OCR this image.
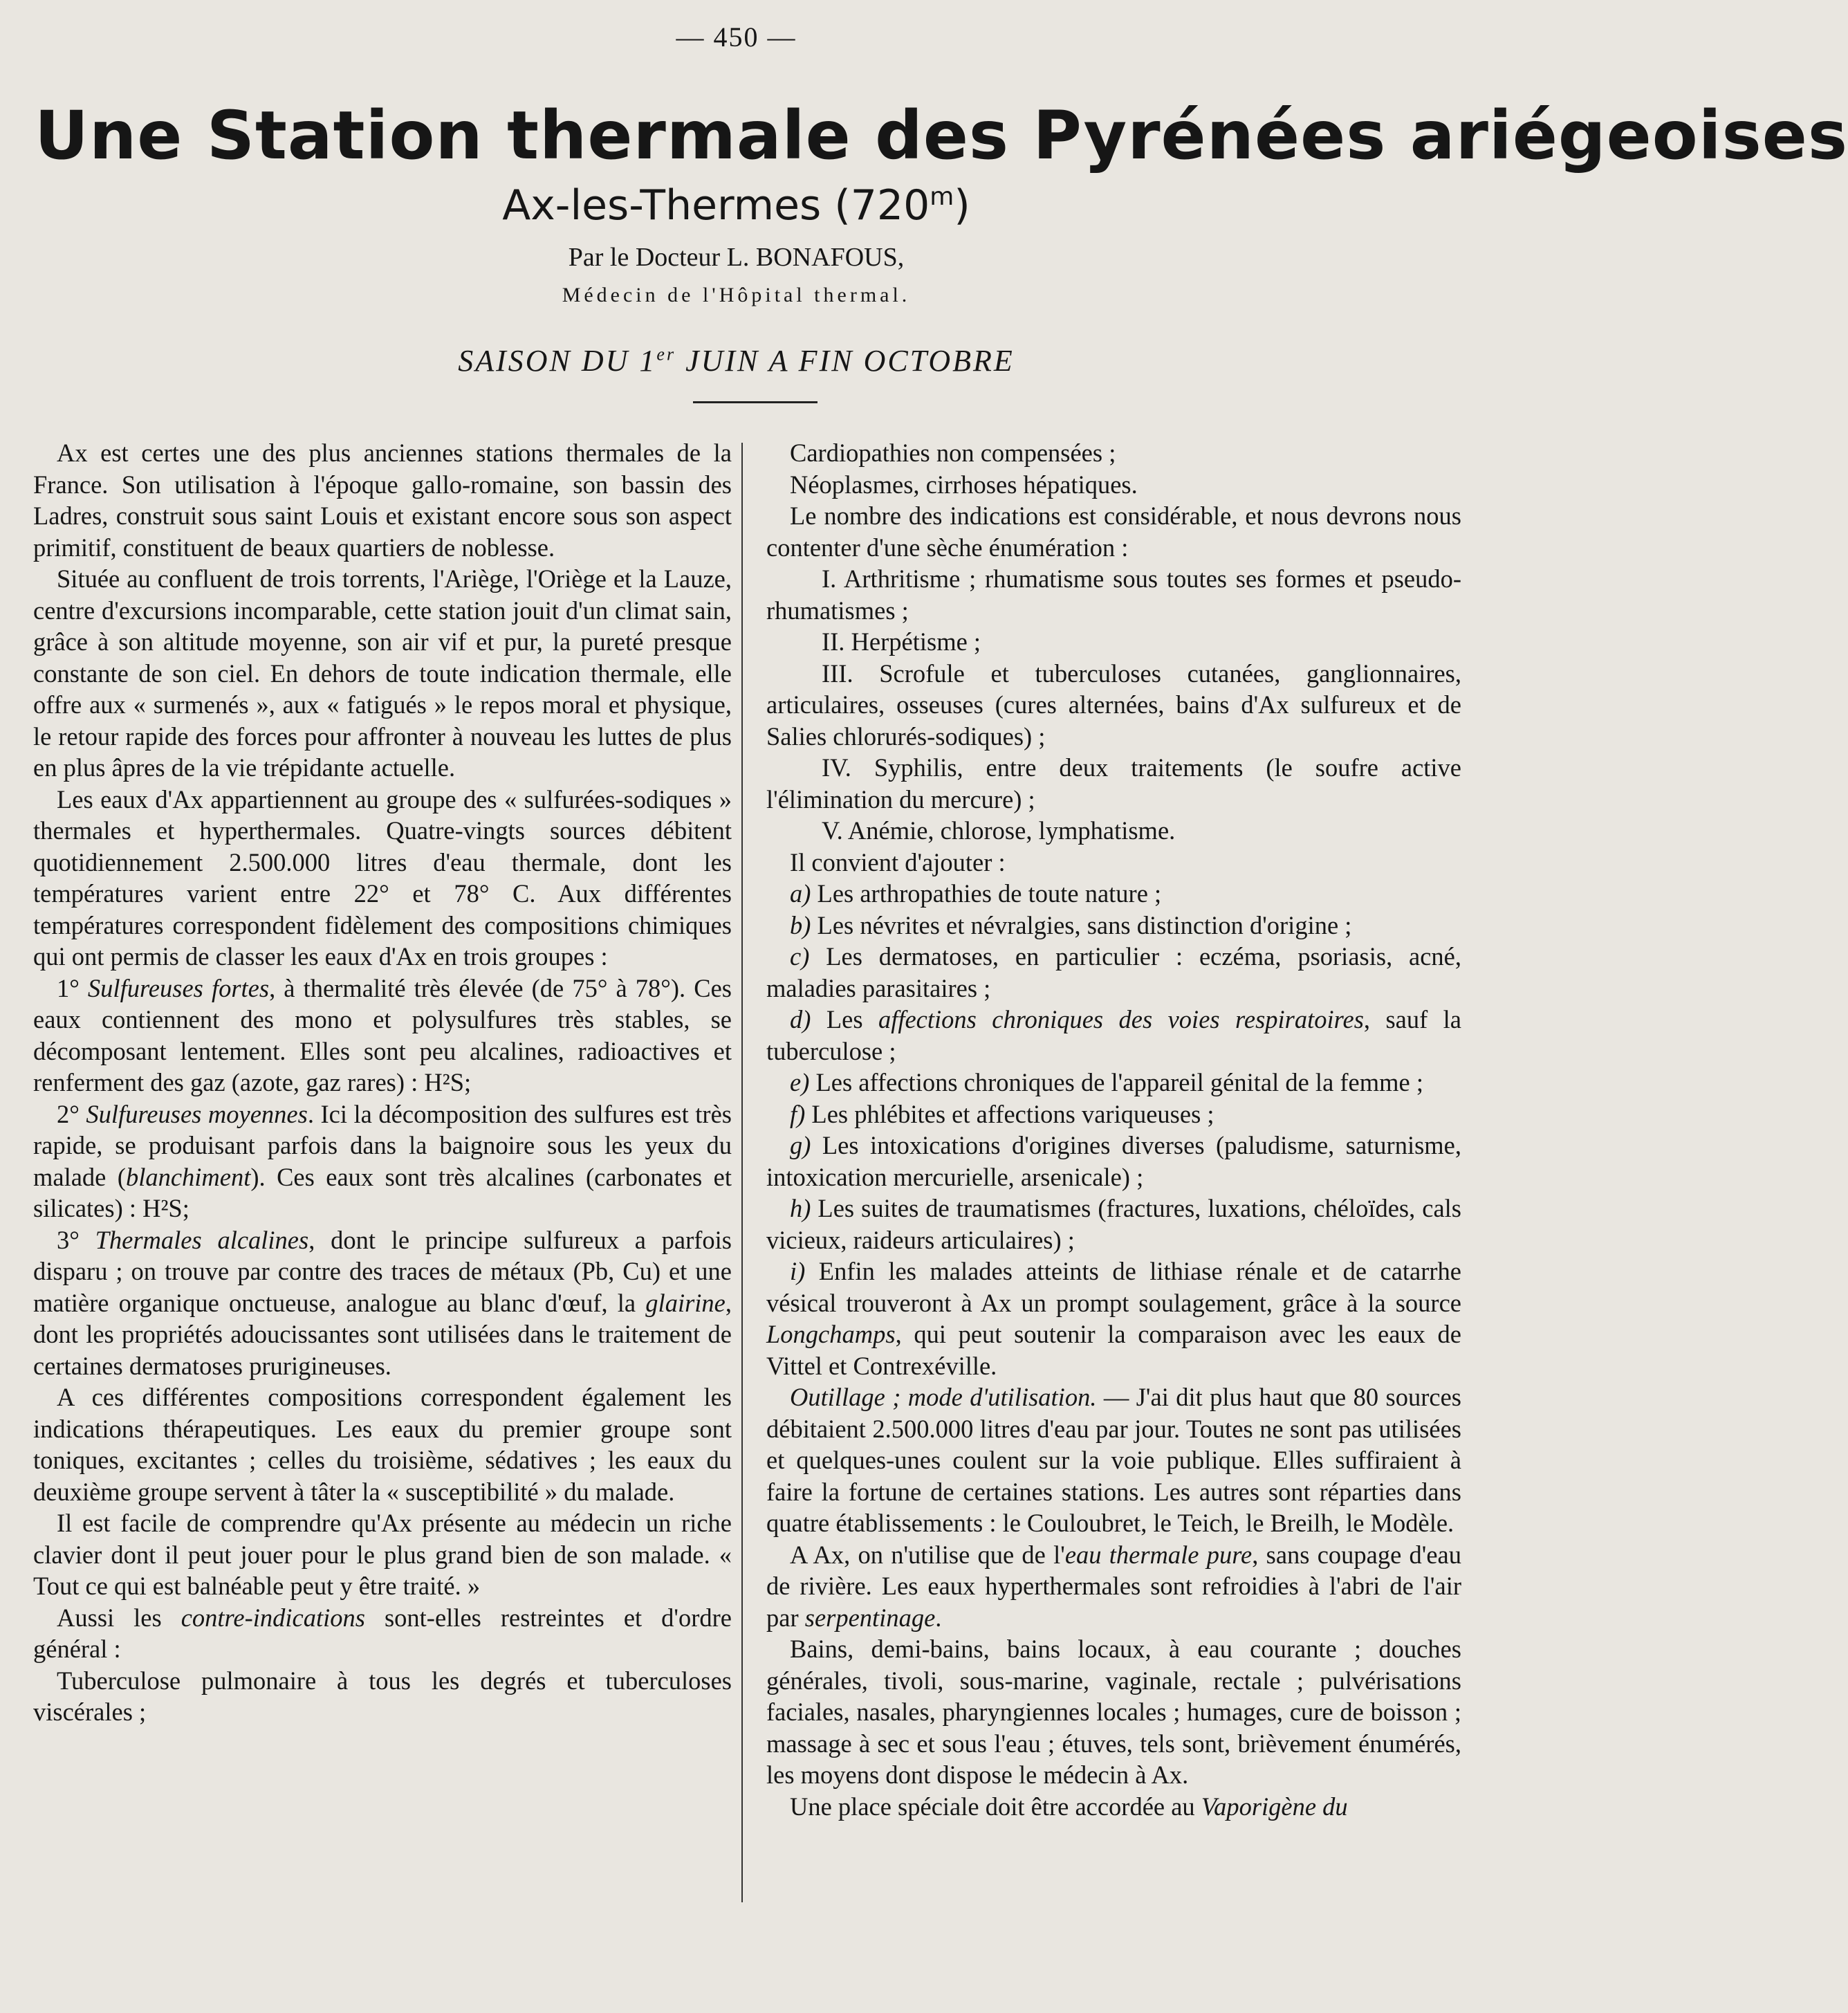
— 450 —
Une Station thermale des Pyrénées ariégeoises
Ax-les-Thermes (720$^m$)
Par le Docteur L. BONAFOUS,
Médecin de l'Hôpital thermal.
SAISON DU 1er JUIN A FIN OCTOBRE

Ax est certes une des plus anciennes stations thermales de la France. Son utilisation à l'époque gallo-romaine, son bassin des Ladres, construit sous saint Louis et existant encore sous son aspect primitif, constituent de beaux quartiers de noblesse.

Située au confluent de trois torrents, l'Ariège, l'Oriège et la Lauze, centre d'excursions incomparable, cette station jouit d'un climat sain, grâce à son altitude moyenne, son air vif et pur, la pureté presque constante de son ciel. En dehors de toute indication thermale, elle offre aux « surmenés », aux « fatigués » le repos moral et physique, le retour rapide des forces pour affronter à nouveau les luttes de plus en plus âpres de la vie trépidante actuelle.

Les eaux d'Ax appartiennent au groupe des « sulfurées-sodiques » thermales et hyperthermales. Quatre-vingts sources débitent quotidiennement 2.500.000 litres d'eau thermale, dont les températures varient entre 22° et 78° C. Aux différentes températures correspondent fidèlement des compositions chimiques qui ont permis de classer les eaux d'Ax en trois groupes :

1° Sulfureuses fortes, à thermalité très élevée (de 75° à 78°). Ces eaux contiennent des mono et polysulfures très stables, se décomposant lentement. Elles sont peu alcalines, radioactives et renferment des gaz (azote, gaz rares) : H²S;

2° Sulfureuses moyennes. Ici la décomposition des sulfures est très rapide, se produisant parfois dans la baignoire sous les yeux du malade (blanchiment). Ces eaux sont très alcalines (carbonates et silicates) : H²S;

3° Thermales alcalines, dont le principe sulfureux a parfois disparu ; on trouve par contre des traces de métaux (Pb, Cu) et une matière organique onctueuse, analogue au blanc d'œuf, la glairine, dont les propriétés adoucissantes sont utilisées dans le traitement de certaines dermatoses prurigineuses.

A ces différentes compositions correspondent également les indications thérapeutiques. Les eaux du premier groupe sont toniques, excitantes ; celles du troisième, sédatives ; les eaux du deuxième groupe servent à tâter la « susceptibilité » du malade.

Il est facile de comprendre qu'Ax présente au médecin un riche clavier dont il peut jouer pour le plus grand bien de son malade. « Tout ce qui est balnéable peut y être traité. »

Aussi les contre-indications sont-elles restreintes et d'ordre général :

Tuberculose pulmonaire à tous les degrés et tuberculoses viscérales ;

Cardiopathies non compensées ;

Néoplasmes, cirrhoses hépatiques.

Le nombre des indications est considérable, et nous devrons nous contenter d'une sèche énumération :

I. Arthritisme ; rhumatisme sous toutes ses formes et pseudo-rhumatismes ;

II. Herpétisme ;

III. Scrofule et tuberculoses cutanées, ganglionnaires, articulaires, osseuses (cures alternées, bains d'Ax sulfureux et de Salies chlorurés-sodiques) ;

IV. Syphilis, entre deux traitements (le soufre active l'élimination du mercure) ;

V. Anémie, chlorose, lymphatisme.

Il convient d'ajouter :

a) Les arthropathies de toute nature ;

b) Les névrites et névralgies, sans distinction d'origine ;

c) Les dermatoses, en particulier : eczéma, psoriasis, acné, maladies parasitaires ;

d) Les affections chroniques des voies respiratoires, sauf la tuberculose ;

e) Les affections chroniques de l'appareil génital de la femme ;

f) Les phlébites et affections variqueuses ;

g) Les intoxications d'origines diverses (paludisme, saturnisme, intoxication mercurielle, arsenicale) ;

h) Les suites de traumatismes (fractures, luxations, chéloïdes, cals vicieux, raideurs articulaires) ;

i) Enfin les malades atteints de lithiase rénale et de catarrhe vésical trouveront à Ax un prompt soulagement, grâce à la source Longchamps, qui peut soutenir la comparaison avec les eaux de Vittel et Contrexéville.

Outillage ; mode d'utilisation. — J'ai dit plus haut que 80 sources débitaient 2.500.000 litres d'eau par jour. Toutes ne sont pas utilisées et quelques-unes coulent sur la voie publique. Elles suffiraient à faire la fortune de certaines stations. Les autres sont réparties dans quatre établissements : le Couloubret, le Teich, le Breilh, le Modèle.

A Ax, on n'utilise que de l'eau thermale pure, sans coupage d'eau de rivière. Les eaux hyperthermales sont refroidies à l'abri de l'air par serpentinage.

Bains, demi-bains, bains locaux, à eau courante ; douches générales, tivoli, sous-marine, vaginale, rectale ; pulvérisations faciales, nasales, pharyngiennes locales ; humages, cure de boisson ; massage à sec et sous l'eau ; étuves, tels sont, brièvement énumérés, les moyens dont dispose le médecin à Ax.

Une place spéciale doit être accordée au Vaporigène du
